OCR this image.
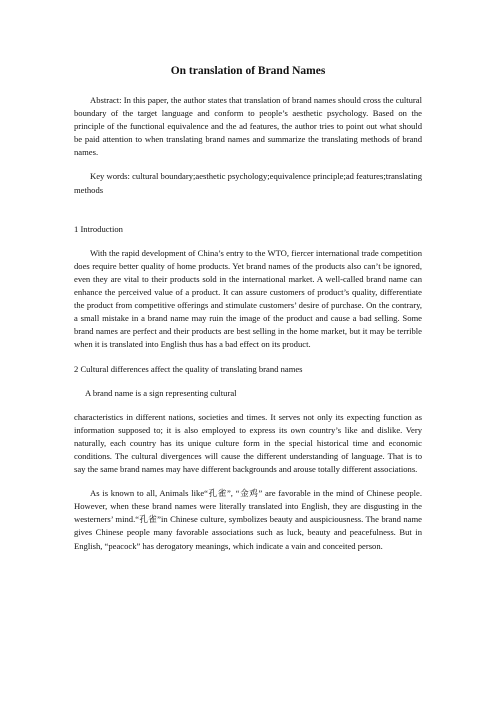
On translation of Brand Names

Abstract: In this paper, the author states that translation of brand names should cross the cultural boundary of the target language and conform to people’s aesthetic psychology. Based on the principle of the functional equivalence and the ad features, the author tries to point out what should be paid attention to when translating brand names and summarize the translating methods of brand names.

Key words: cultural boundary;aesthetic psychology;equivalence principle;ad features;translating methods

1 Introduction

With the rapid development of China’s entry to the WTO, fiercer international trade competition does require better quality of home products. Yet brand names of the products also can’t be ignored, even they are vital to their products sold in the international market. A well-called brand name can enhance the perceived value of a product. It can assure customers of product’s quality, differentiate the product from competitive offerings and stimulate customers’ desire of purchase. On the contrary, a small mistake in a brand name may ruin the image of the product and cause a bad selling. Some brand names are perfect and their products are best selling in the home market, but it may be terrible when it is translated into English thus has a bad effect on its product.

2 Cultural differences affect the quality of translating brand names

A brand name is a sign representing cultural

characteristics in different nations, societies and times. It serves not only its expecting function as information supposed to; it is also employed to express its own country’s like and dislike. Very naturally, each country has its unique culture form in the special historical time and economic conditions. The cultural divergences will cause the different understanding of language. That is to say the same brand names may have different backgrounds and arouse totally different associations.

As is known to all, Animals like“孔雀”, “金鸡” are favorable in the mind of Chinese people. However, when these brand names were literally translated into English, they are disgusting in the westerners’ mind.“孔雀”in Chinese culture, symbolizes beauty and auspiciousness. The brand name gives Chinese people many favorable associations such as luck, beauty and peacefulness. But in English, “peacock” has derogatory meanings, which indicate a vain and conceited person.
